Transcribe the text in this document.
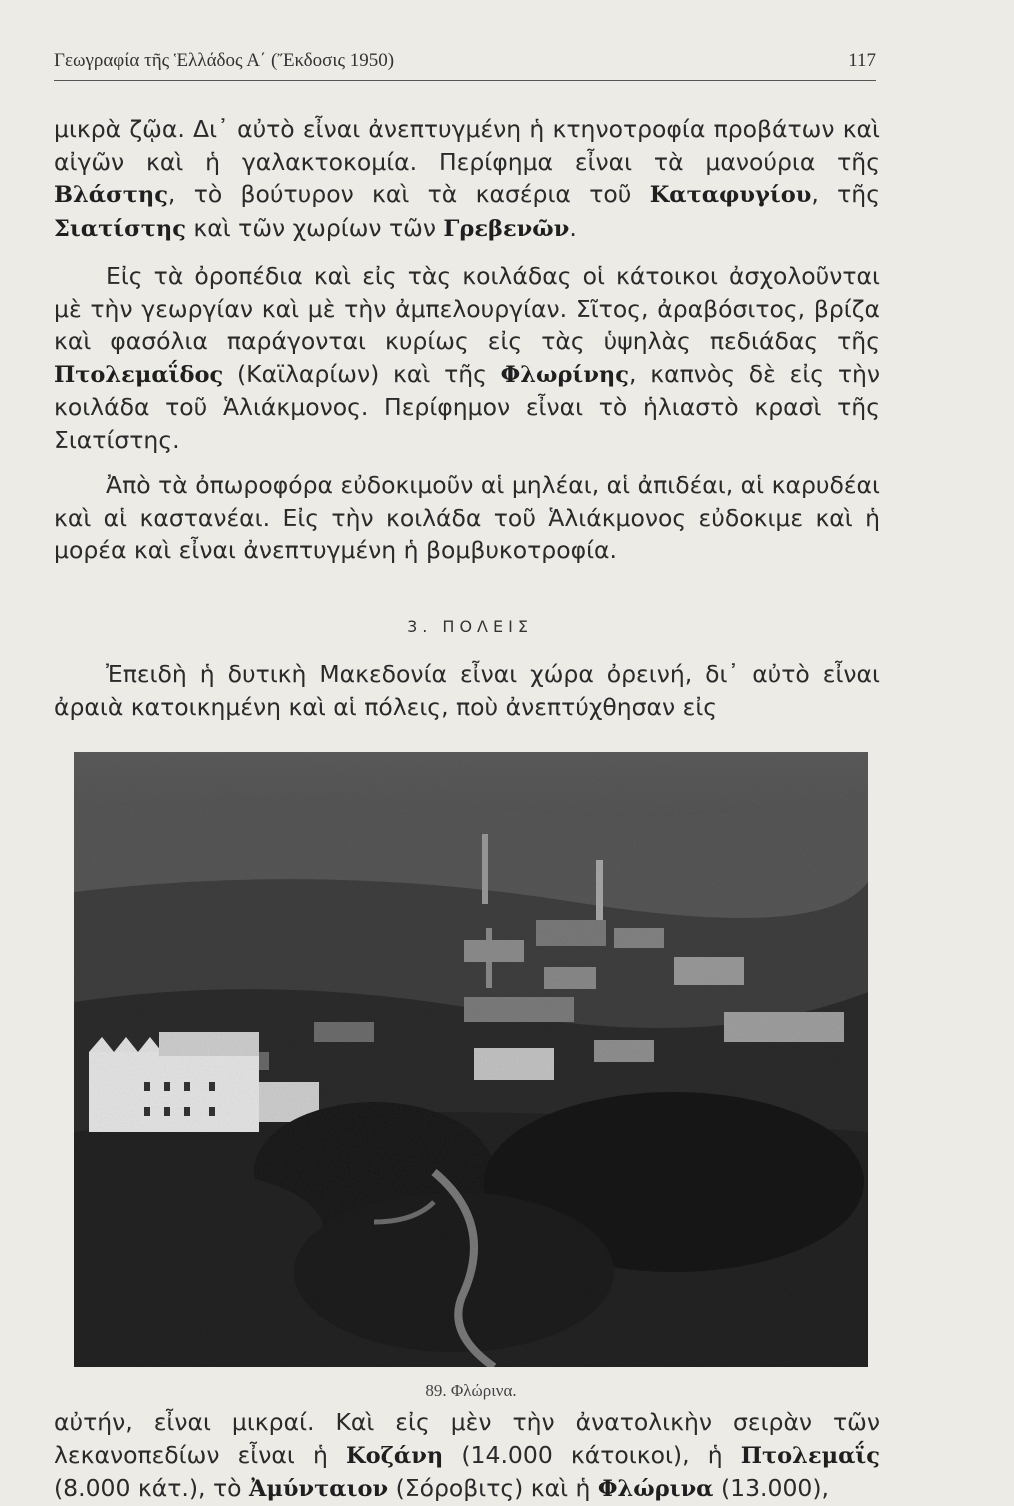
Γεωγραφία τῆς Ἑλλάδος Α΄ (Ἔκδοσις 1950)	117

μικρὰ ζῷα. Δι᾿ αὐτὸ εἶναι ἀνεπτυγμένη ἡ κτηνοτροφία προβάτων καὶ αἰγῶν καὶ ἡ γαλακτοκομία. Περίφημα εἶναι τὰ μανούρια τῆς Βλάστης, τὸ βούτυρον καὶ τὰ κασέρια τοῦ Καταφυγίου, τῆς Σιατίστης καὶ τῶν χωρίων τῶν Γρεβενῶν.

Εἰς τὰ ὀροπέδια καὶ εἰς τὰς κοιλάδας οἱ κάτοικοι ἀσχολοῦνται μὲ τὴν γεωργίαν καὶ μὲ τὴν ἀμπελουργίαν. Σῖτος, ἀραβόσιτος, βρίζα καὶ φασόλια παράγονται κυρίως εἰς τὰς ὑψηλὰς πεδιάδας τῆς Πτολεμαΐδος (Καϊλαρίων) καὶ τῆς Φλωρίνης, καπνὸς δὲ εἰς τὴν κοιλάδα τοῦ Ἁλιάκμονος. Περίφημον εἶναι τὸ ἡλιαστὸ κρασὶ τῆς Σιατίστης.

Ἀπὸ τὰ ὀπωροφόρα εὐδοκιμοῦν αἱ μηλέαι, αἱ ἀπιδέαι, αἱ καρυδέαι καὶ αἱ καστανέαι. Εἰς τὴν κοιλάδα τοῦ Ἁλιάκμονος εὐδοκιμε καὶ ἡ μορέα καὶ εἶναι ἀνεπτυγμένη ἡ βομβυκοτροφία.

3. ΠΟΛΕΙΣ

Ἐπειδὴ ἡ δυτικὴ Μακεδονία εἶναι χώρα ὀρεινή, δι᾿ αὐτὸ εἶναι ἀραιὰ κατοικημένη καὶ αἱ πόλεις, ποὺ ἀνεπτύχθησαν εἰς

89. Φλώρινα.

αὐτήν, εἶναι μικραί. Καὶ εἰς μὲν τὴν ἀνατολικὴν σειρὰν τῶν λεκανοπεδίων εἶναι ἡ Κοζάνη (14.000 κάτοικοι), ἡ Πτολεμαΐς (8.000 κάτ.), τὸ Ἀμύνταιον (Σόροβιτς) καὶ ἡ Φλώρινα (13.000),
